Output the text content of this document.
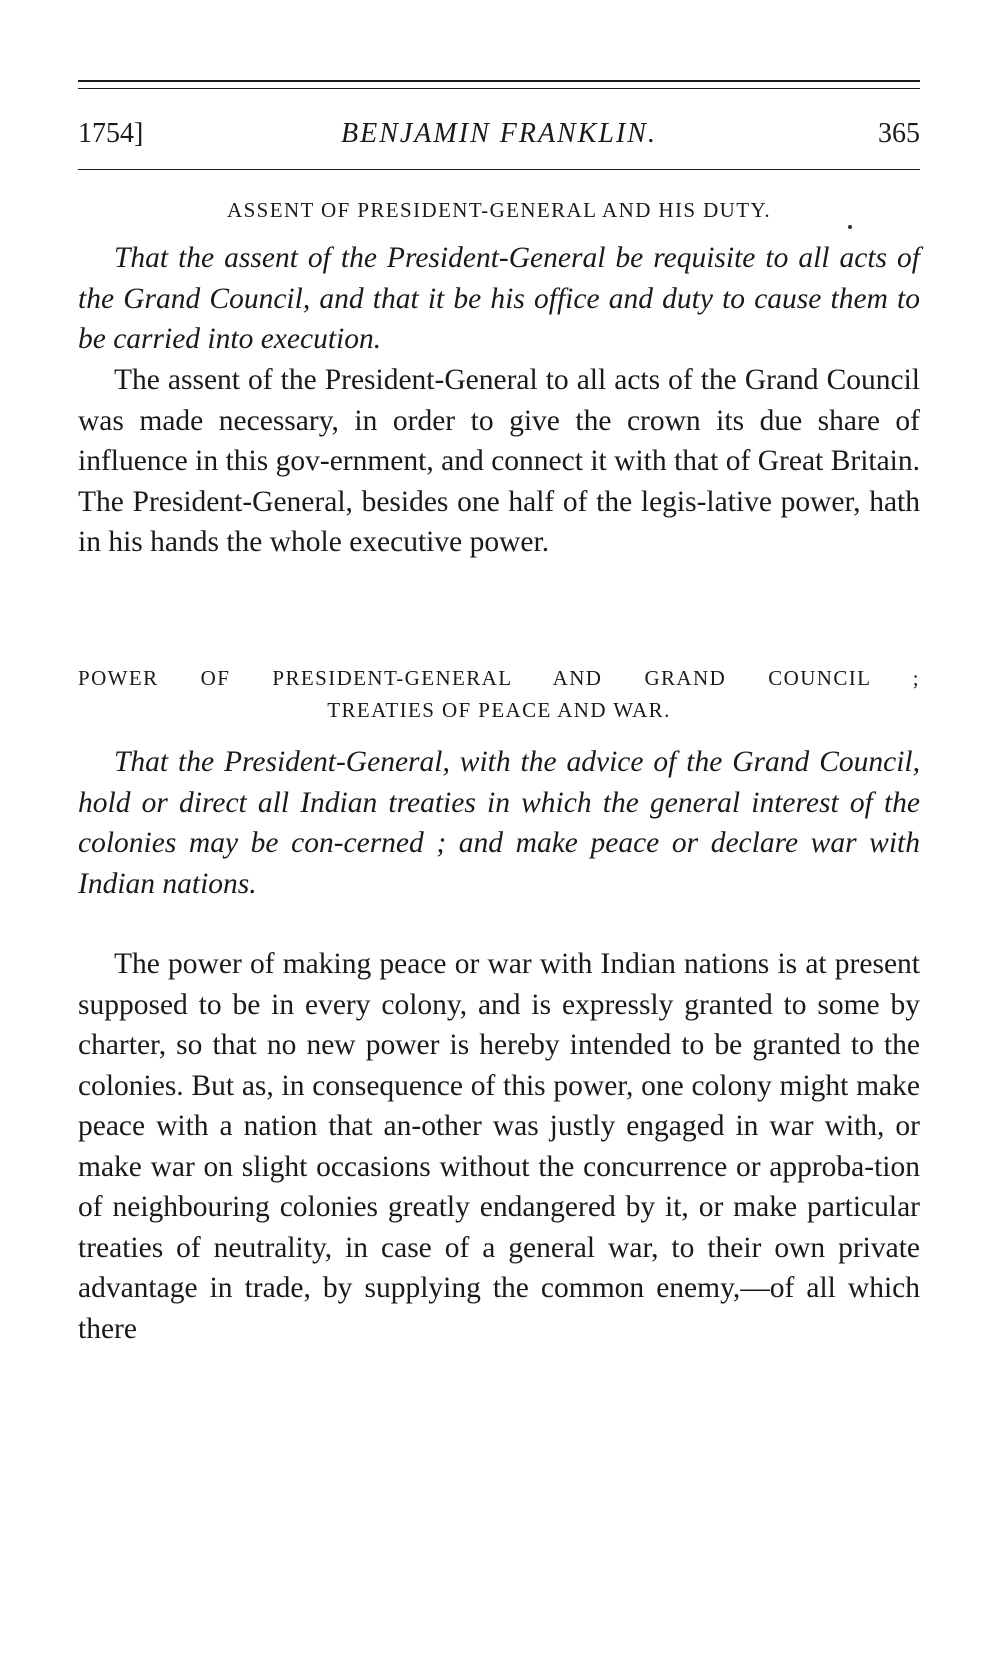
1754]	BENJAMIN FRANKLIN.	365
ASSENT OF PRESIDENT-GENERAL AND HIS DUTY.
That the assent of the President-General be requisite to all acts of the Grand Council, and that it be his office and duty to cause them to be carried into execution.
The assent of the President-General to all acts of the Grand Council was made necessary, in order to give the crown its due share of influence in this gov-ernment, and connect it with that of Great Britain. The President-General, besides one half of the legis-lative power, hath in his hands the whole executive power.
POWER OF PRESIDENT-GENERAL AND GRAND COUNCIL ;
TREATIES OF PEACE AND WAR.
That the President-General, with the advice of the Grand Council, hold or direct all Indian treaties in which the general interest of the colonies may be con-cerned ; and make peace or declare war with Indian nations.
The power of making peace or war with Indian nations is at present supposed to be in every colony, and is expressly granted to some by charter, so that no new power is hereby intended to be granted to the colonies. But as, in consequence of this power, one colony might make peace with a nation that an-other was justly engaged in war with, or make war on slight occasions without the concurrence or approba-tion of neighbouring colonies greatly endangered by it, or make particular treaties of neutrality, in case of a general war, to their own private advantage in trade, by supplying the common enemy,—of all which there
